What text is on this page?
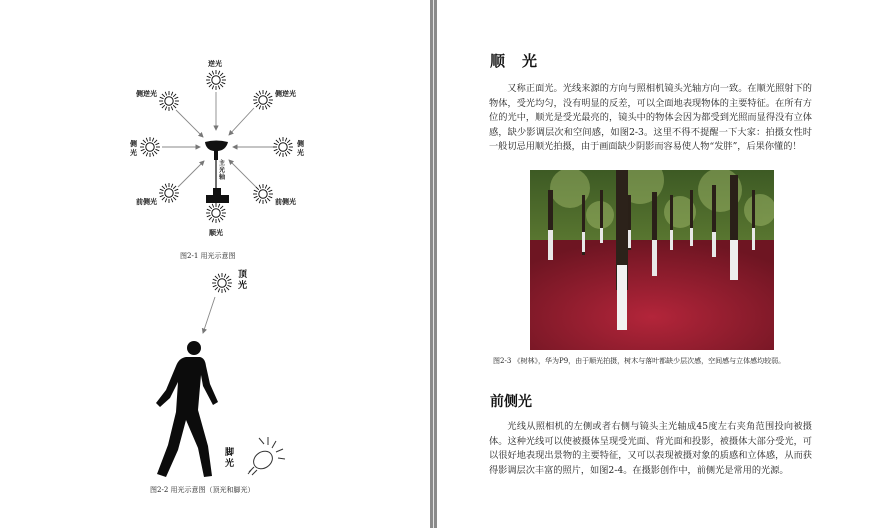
逆光
侧逆光	侧逆光
侧光
侧光
前侧光	前侧光
顺光
主光轴
图2-1 用光示意图
顶光
脚光
图2-2 用光示意图（顶光和脚光）
顺　光

又称正面光。光线来源的方向与照相机镜头光轴方向一致。在顺光照射下的物体，受光均匀，没有明显的反差，可以全面地表现物体的主要特征。在所有方位的光中，顺光是受光最亮的，镜头中的物体会因为都受到光照而显得没有立体感，缺少影调层次和空间感，如图2-3。这里不得不提醒一下大家：拍摄女性时一般切忌用顺光拍摄，由于画面缺少阴影而容易使人物“发胖”，后果你懂的！

图2-3 《树林》，华为P9，由于顺光拍摄，树木与落叶都缺少层次感，空间感与立体感均较弱。
前侧光

光线从照相机的左侧或者右侧与镜头主光轴成45度左右夹角范围投向被摄体。这种光线可以使被摄体呈现受光面、背光面和投影，被摄体大部分受光，可以很好地表现出景物的主要特征，又可以表现被摄对象的质感和立体感，从而获得影调层次丰富的照片，如图2-4。在摄影创作中，前侧光是常用的光源。
